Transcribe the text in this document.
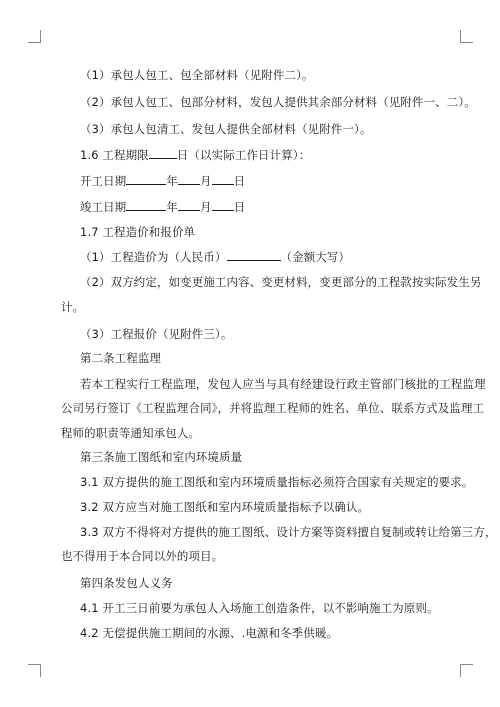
（1）承包人包工、包全部材料（见附件二）。
（2）承包人包工、包部分材料，发包人提供其余部分材料（见附件一、二）。
（3）承包人包清工、发包人提供全部材料（见附件一）。
1.6 工程期限 日（以实际工作日计算）：
开工日期	年 月 日
竣工日期	年 月 日
1.7 工程造价和报价单
（1）工程造价为（人民币）	（金额大写）
（2）双方约定，如变更施工内容、变更材料，变更部分的工程款按实际发生另
计。
（3）工程报价（见附件三）。
第二条工程监理
若本工程实行工程监理，发包人应当与具有经建设行政主管部门核批的工程监理
公司另行签订《工程监理合同》，并将监理工程师的姓名、单位、联系方式及监理工
程师的职责等通知承包人。
第三条施工图纸和室内环境质量
3.1 双方提供的施工图纸和室内环境质量指标必须符合国家有关规定的要求。
3.2 双方应当对施工图纸和室内环境质量指标予以确认。
3.3 双方不得将对方提供的施工图纸、设计方案等资料擅自复制或转让给第三方，
也不得用于本合同以外的项目。
第四条发包人义务
4.1 开工三日前要为承包人入场施工创造条件，以不影响施工为原则。
4.2 无偿提供施工期间的水源、.电源和冬季供暖。
